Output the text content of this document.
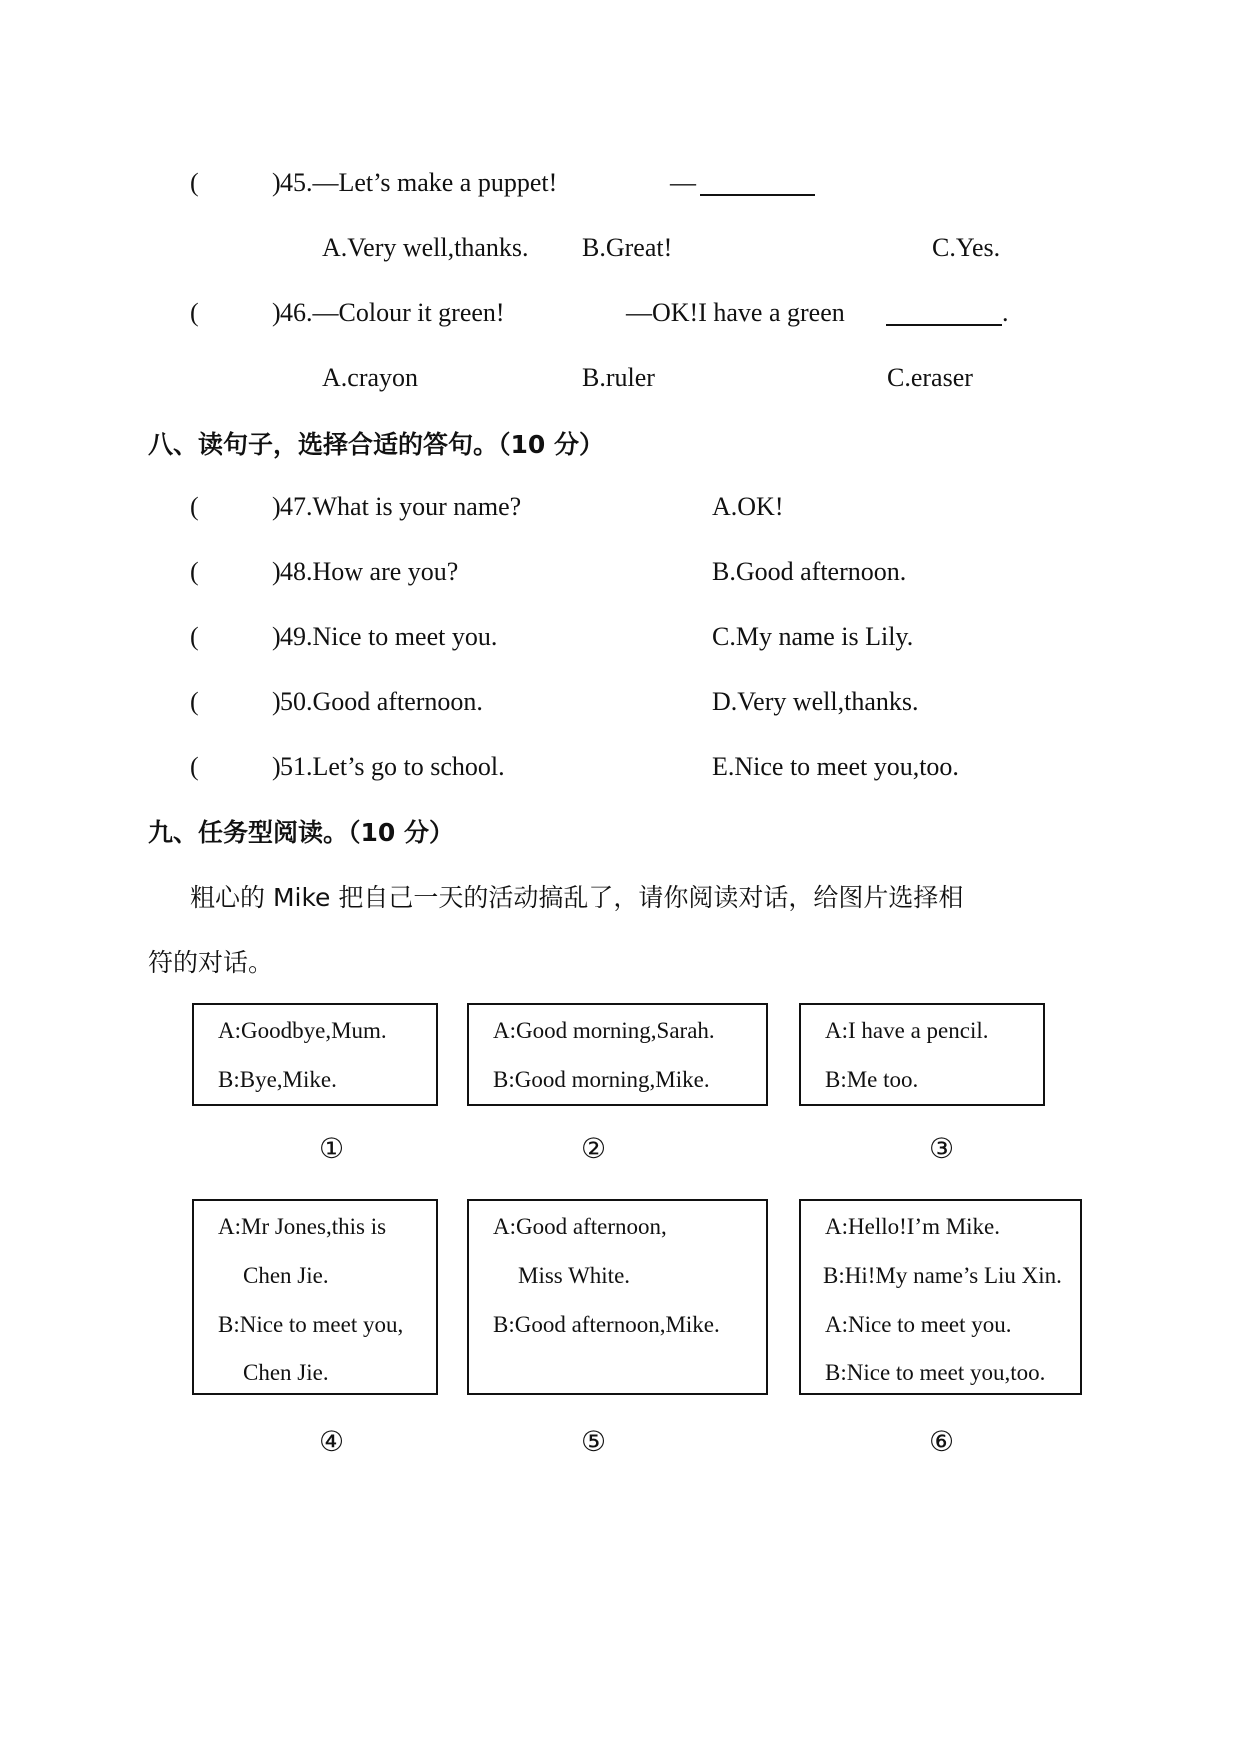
(	) 45.—Let’s make a puppet!	—
A.Very well,thanks. B.Great!	C.Yes.
(	) 46.—Colour it green!	—OK!I have a green	.
A.crayon	B.ruler	C.eraser
八、读句子，选择合适的答句。（10 分）
(	) 47.What is your name?	A.OK!
(	) 48.How are you?	B.Good afternoon.
(	) 49.Nice to meet you.	C.My name is Lily.
(	) 50.Good afternoon.	D.Very well,thanks.
(	) 51.Let’s go to school.	E.Nice to meet you,too.
九、任务型阅读。（10 分）
粗心的 Mike 把自己一天的活动搞乱了，请你阅读对话，给图片选择相
符的对话。
A:Goodbye,Mum.
B:Bye,Mike.
A:Good morning,Sarah.
B:Good morning,Mike.
A:I have a pencil.
B:Me too.
①	②	③
A:Mr Jones,this is
Chen Jie.
B:Nice to meet you,
Chen Jie.
A:Good afternoon,
Miss White.
B:Good afternoon,Mike.
A:Hello!I’m Mike.
B:Hi!My name’s Liu Xin.
A:Nice to meet you.
B:Nice to meet you,too.
④	⑤	⑥
